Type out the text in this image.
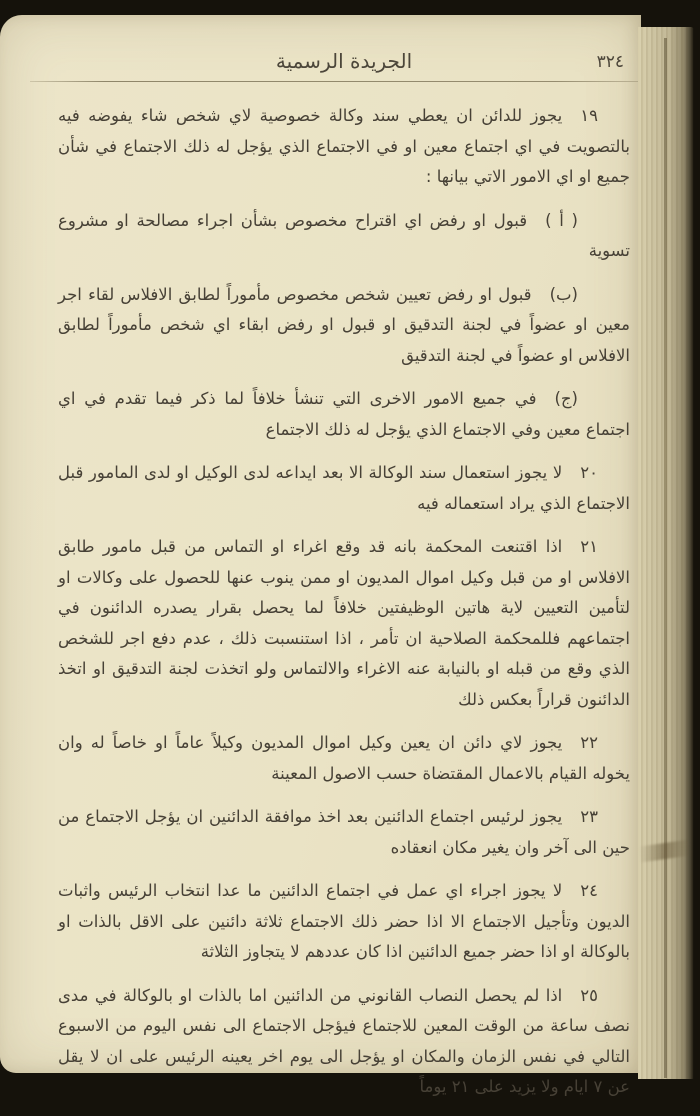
الجريدة الرسمية	٣٢٤

١٩يجوز للدائن ان يعطي سند وكالة خصوصية لاي شخص شاء يفوضه فيه بالتصويت في اي اجتماع معين او في الاجتماع الذي يؤجل له ذلك الاجتماع في شأن جميع او اي الامور الاتي بيانها :

( أ )قبول او رفض اي اقتراح مخصوص بشأن اجراء مصالحة او مشروع تسوية

(ب)قبول او رفض تعيين شخص مخصوص مأموراً لطابق الافلاس لقاء اجر معين او عضواً في لجنة التدقيق او قبول او رفض ابقاء اي شخص مأموراً لطابق الافلاس او عضواً في لجنة التدقيق

(ج)في جميع الامور الاخرى التي تنشأ خلافاً لما ذكر فيما تقدم في اي اجتماع معين وفي الاجتماع الذي يؤجل له ذلك الاجتماع

٢٠لا يجوز استعمال سند الوكالة الا بعد ايداعه لدى الوكيل او لدى المامور قبل الاجتماع الذي يراد استعماله فيه

٢١اذا اقتنعت المحكمة بانه قد وقع اغراء او التماس من قبل مامور طابق الافلاس او من قبل وكيل اموال المديون او ممن ينوب عنها للحصول على وكالات او لتأمين التعيين لاية هاتين الوظيفتين خلافاً لما يحصل بقرار يصدره الدائنون في اجتماعهم فللمحكمة الصلاحية ان تأمر ، اذا استنسبت ذلك ، عدم دفع اجر للشخص الذي وقع من قبله او بالنيابة عنه الاغراء والالتماس ولو اتخذت لجنة التدقيق او اتخذ الدائنون قراراً بعكس ذلك

٢٢يجوز لاي دائن ان يعين وكيل اموال المديون وكيلاً عاماً او خاصاً له وان يخوله القيام بالاعمال المقتضاة حسب الاصول المعينة

٢٣يجوز لرئيس اجتماع الدائنين بعد اخذ موافقة الدائنين ان يؤجل الاجتماع من حين الى آخر وان يغير مكان انعقاده

٢٤لا يجوز اجراء اي عمل في اجتماع الدائنين ما عدا انتخاب الرئيس واثبات الديون وتأجيل الاجتماع الا اذا حضر ذلك الاجتماع ثلاثة دائنين على الاقل بالذات او بالوكالة او اذا حضر جميع الدائنين اذا كان عددهم لا يتجاوز الثلاثة

٢٥اذا لم يحصل النصاب القانوني من الدائنين اما بالذات او بالوكالة في مدى نصف ساعة من الوقت المعين للاجتماع فيؤجل الاجتماع الى نفس اليوم من الاسبوع التالي في نفس الزمان والمكان او يؤجل الى يوم اخر يعينه الرئيس على ان لا يقل عن ٧ ايام ولا يزيد على ٢١ يوماً
